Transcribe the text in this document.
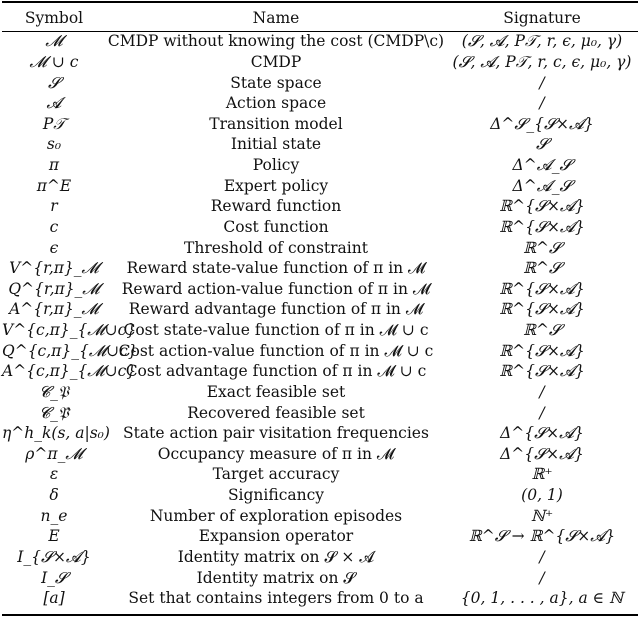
Symbol	Name	Signature
𝓜	CMDP without knowing the cost (CMDP\c)	(𝓢, 𝓐, P𝒯, r, ϵ, μ₀, γ)
𝓜 ∪ c	CMDP	(𝓢, 𝓐, P𝒯, r, c, ϵ, μ₀, γ)
𝓢	State space	/
𝓐	Action space	/
P𝒯	Transition model	Δ^𝓢_{𝓢×𝓐}
s₀	Initial state	𝓢
π	Policy	Δ^𝓐_𝓢
π^E	Expert policy	Δ^𝓐_𝓢
r	Reward function	ℝ^{𝓢×𝓐}
c	Cost function	ℝ^{𝓢×𝓐}
ϵ	Threshold of constraint	ℝ^𝓢
V^{r,π}_𝓜	Reward state-value function of π in 𝓜	ℝ^𝓢
Q^{r,π}_𝓜	Reward action-value function of π in 𝓜	ℝ^{𝓢×𝓐}
A^{r,π}_𝓜	Reward advantage function of π in 𝓜	ℝ^{𝓢×𝓐}
V^{c,π}_{𝓜∪c}	Cost state-value function of π in 𝓜 ∪ c	ℝ^𝓢
Q^{c,π}_{𝓜∪c}	Cost action-value function of π in 𝓜 ∪ c	ℝ^{𝓢×𝓐}
A^{c,π}_{𝓜∪c}	Cost advantage function of π in 𝓜 ∪ c	ℝ^{𝓢×𝓐}
𝓒_𝔓	Exact feasible set	/
𝓒_𝔓̂	Recovered feasible set	/
η^h_k(s, a|s₀)	State action pair visitation frequencies	Δ^{𝓢×𝓐}
ρ^π_𝓜	Occupancy measure of π in 𝓜	Δ^{𝓢×𝓐}
ε	Target accuracy	ℝ⁺
δ	Significancy	(0, 1)
n_e	Number of exploration episodes	ℕ⁺
E	Expansion operator	ℝ^𝓢 → ℝ^{𝓢×𝓐}
I_{𝓢×𝓐}	Identity matrix on 𝓢 × 𝓐	/
I_𝓢	Identity matrix on 𝓢	/
[a]	Set that contains integers from 0 to a	{0, 1, . . . , a}, a ∈ ℕ
